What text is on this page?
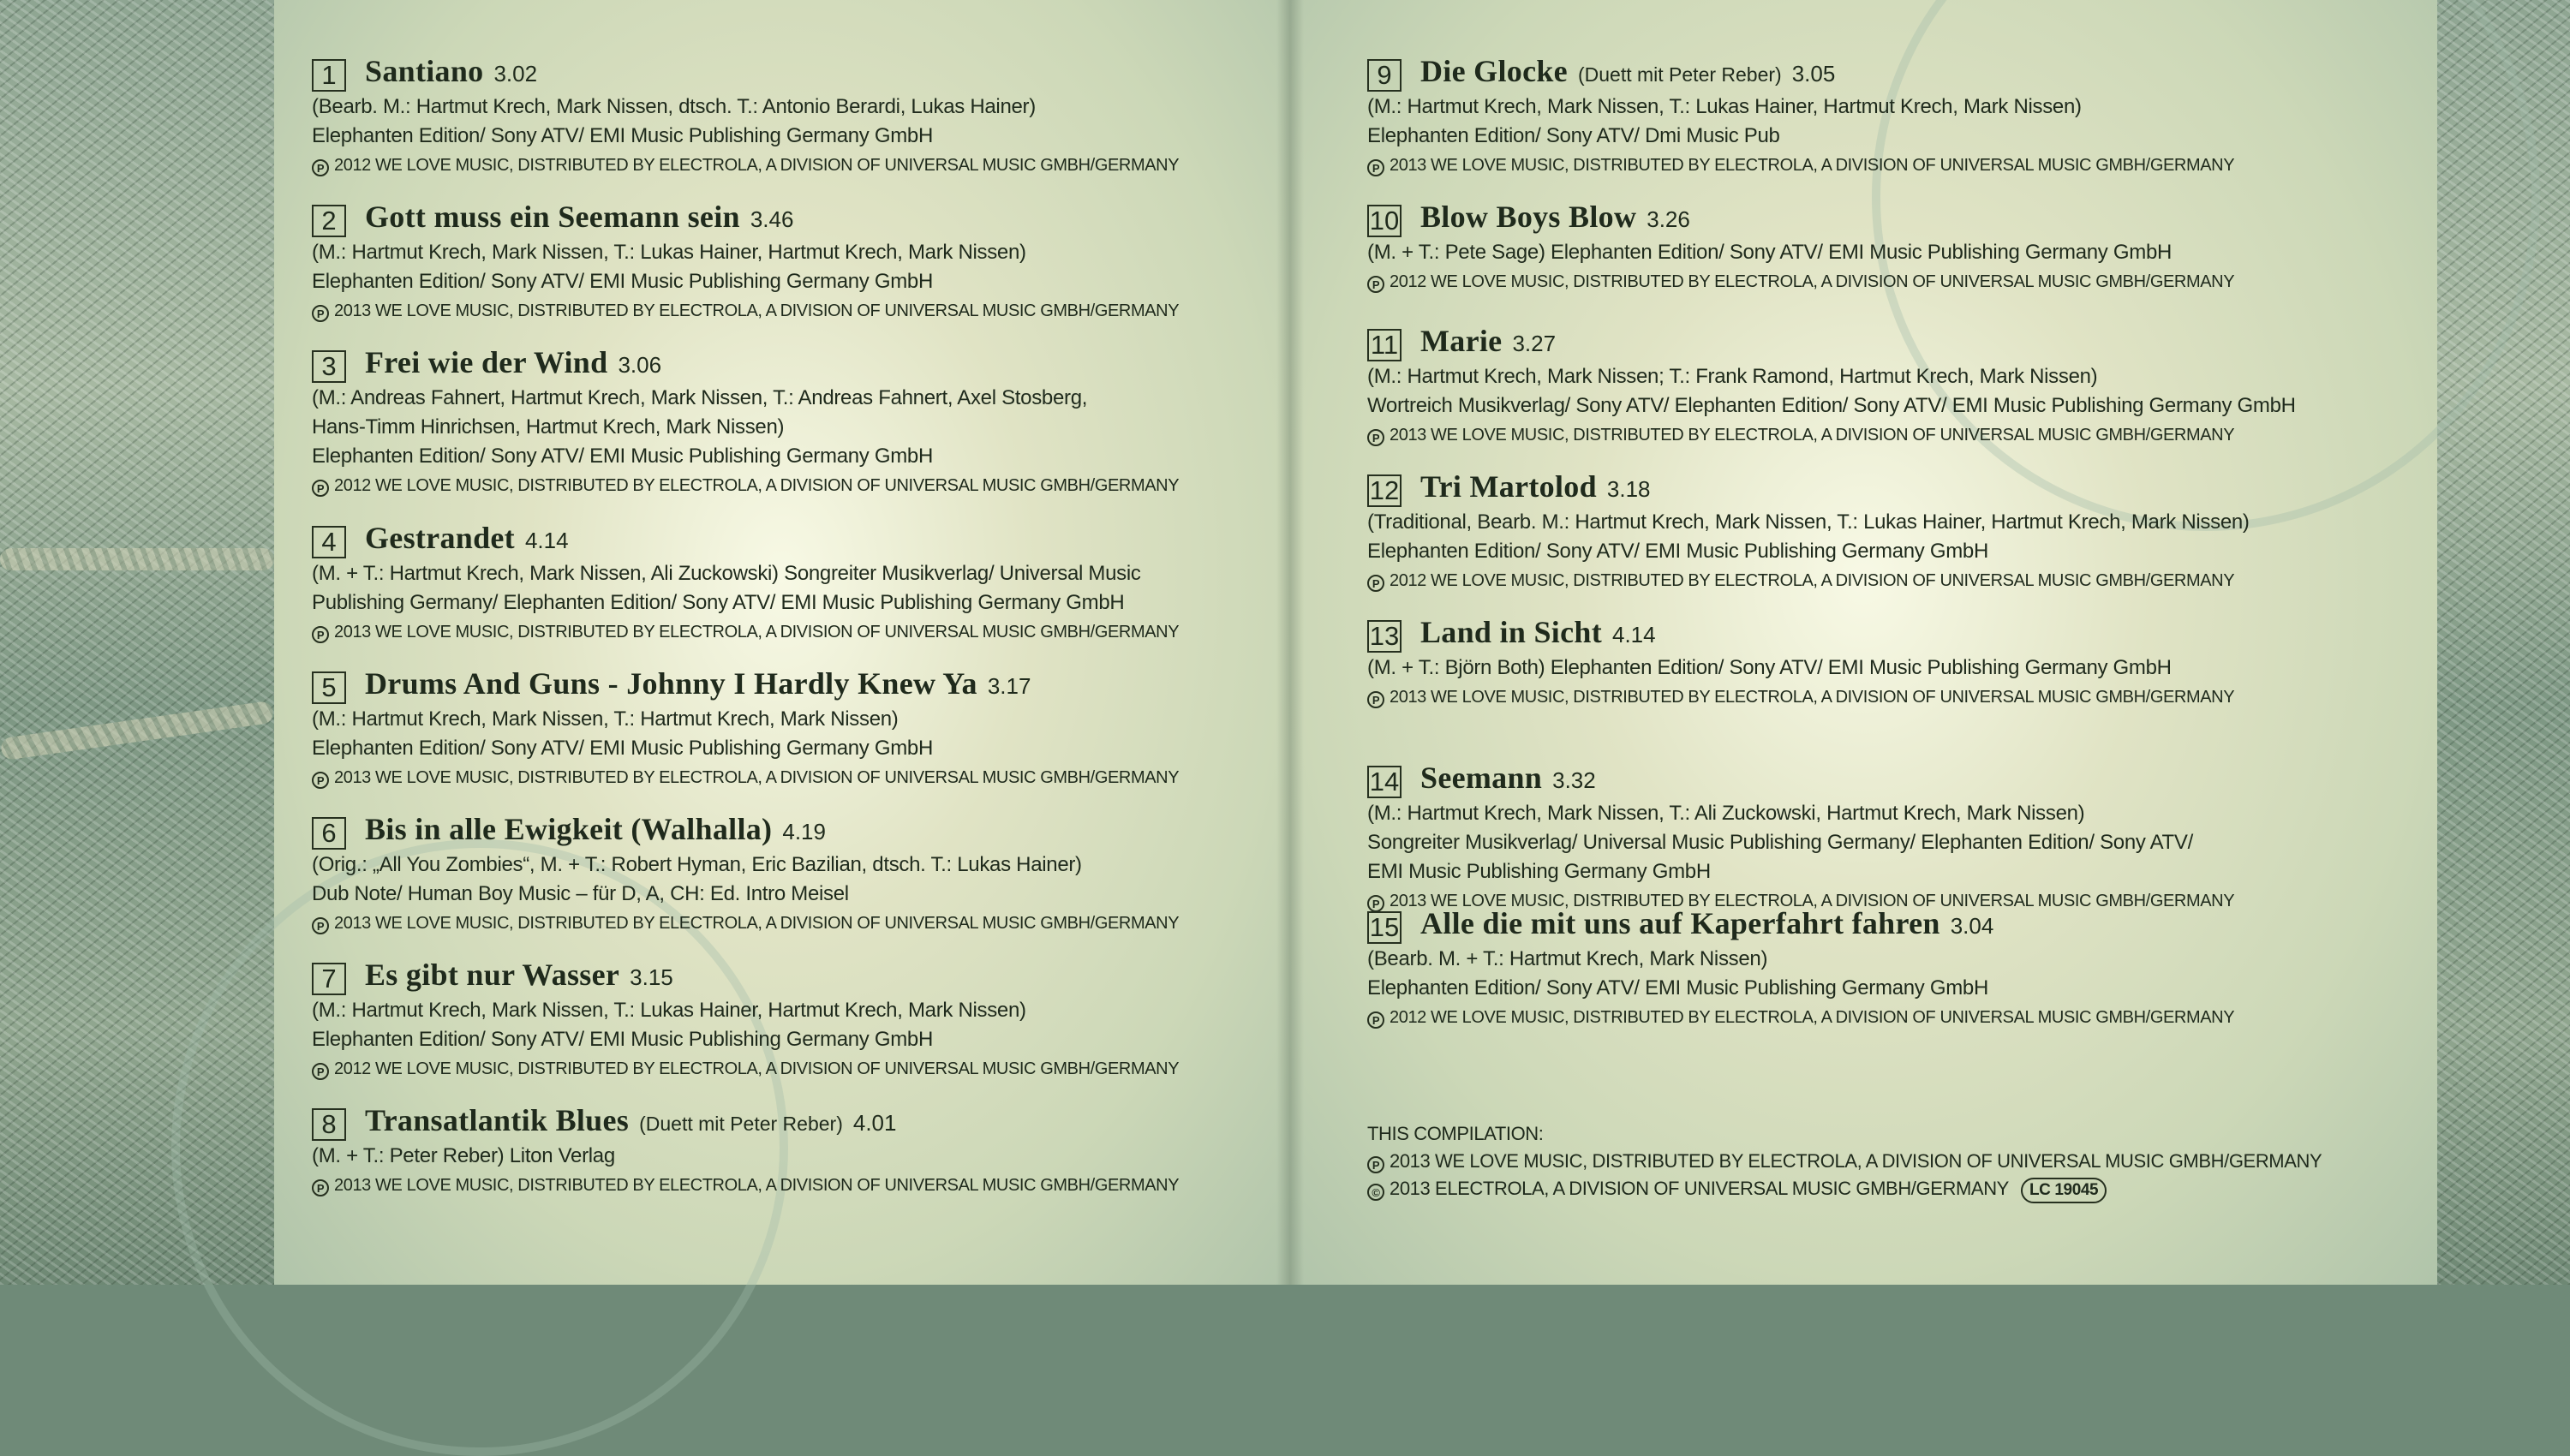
1 Santiano 3.02
(Bearb. M.: Hartmut Krech, Mark Nissen, dtsch. T.: Antonio Berardi, Lukas Hainer)
Elephanten Edition/ Sony ATV/ EMI Music Publishing Germany GmbH
P 2012 WE LOVE MUSIC, DISTRIBUTED BY ELECTROLA, A DIVISION OF UNIVERSAL MUSIC GMBH/GERMANY
2 Gott muss ein Seemann sein 3.46
(M.: Hartmut Krech, Mark Nissen, T.: Lukas Hainer, Hartmut Krech, Mark Nissen)
Elephanten Edition/ Sony ATV/ EMI Music Publishing Germany GmbH
P 2013 WE LOVE MUSIC, DISTRIBUTED BY ELECTROLA, A DIVISION OF UNIVERSAL MUSIC GMBH/GERMANY
3 Frei wie der Wind 3.06
(M.: Andreas Fahnert, Hartmut Krech, Mark Nissen, T.: Andreas Fahnert, Axel Stosberg,
Hans-Timm Hinrichsen, Hartmut Krech, Mark Nissen)
Elephanten Edition/ Sony ATV/ EMI Music Publishing Germany GmbH
P 2012 WE LOVE MUSIC, DISTRIBUTED BY ELECTROLA, A DIVISION OF UNIVERSAL MUSIC GMBH/GERMANY
4 Gestrandet 4.14
(M. + T.: Hartmut Krech, Mark Nissen, Ali Zuckowski) Songreiter Musikverlag/ Universal Music
Publishing Germany/ Elephanten Edition/ Sony ATV/ EMI Music Publishing Germany GmbH
P 2013 WE LOVE MUSIC, DISTRIBUTED BY ELECTROLA, A DIVISION OF UNIVERSAL MUSIC GMBH/GERMANY
5 Drums And Guns - Johnny I Hardly Knew Ya 3.17
(M.: Hartmut Krech, Mark Nissen, T.: Hartmut Krech, Mark Nissen)
Elephanten Edition/ Sony ATV/ EMI Music Publishing Germany GmbH
P 2013 WE LOVE MUSIC, DISTRIBUTED BY ELECTROLA, A DIVISION OF UNIVERSAL MUSIC GMBH/GERMANY
6 Bis in alle Ewigkeit (Walhalla) 4.19
(Orig.: „All You Zombies“, M. + T.: Robert Hyman, Eric Bazilian, dtsch. T.: Lukas Hainer)
Dub Note/ Human Boy Music – für D, A, CH: Ed. Intro Meisel
P 2013 WE LOVE MUSIC, DISTRIBUTED BY ELECTROLA, A DIVISION OF UNIVERSAL MUSIC GMBH/GERMANY
7 Es gibt nur Wasser 3.15
(M.: Hartmut Krech, Mark Nissen, T.: Lukas Hainer, Hartmut Krech, Mark Nissen)
Elephanten Edition/ Sony ATV/ EMI Music Publishing Germany GmbH
P 2012 WE LOVE MUSIC, DISTRIBUTED BY ELECTROLA, A DIVISION OF UNIVERSAL MUSIC GMBH/GERMANY
8 Transatlantik Blues (Duett mit Peter Reber) 4.01
(M. + T.: Peter Reber) Liton Verlag
P 2013 WE LOVE MUSIC, DISTRIBUTED BY ELECTROLA, A DIVISION OF UNIVERSAL MUSIC GMBH/GERMANY
9 Die Glocke (Duett mit Peter Reber) 3.05
(M.: Hartmut Krech, Mark Nissen, T.: Lukas Hainer, Hartmut Krech, Mark Nissen)
Elephanten Edition/ Sony ATV/ Dmi Music Pub
P 2013 WE LOVE MUSIC, DISTRIBUTED BY ELECTROLA, A DIVISION OF UNIVERSAL MUSIC GMBH/GERMANY
10 Blow Boys Blow 3.26
(M. + T.: Pete Sage) Elephanten Edition/ Sony ATV/ EMI Music Publishing Germany GmbH
P 2012 WE LOVE MUSIC, DISTRIBUTED BY ELECTROLA, A DIVISION OF UNIVERSAL MUSIC GMBH/GERMANY
11 Marie 3.27
(M.: Hartmut Krech, Mark Nissen; T.: Frank Ramond, Hartmut Krech, Mark Nissen)
Wortreich Musikverlag/ Sony ATV/ Elephanten Edition/ Sony ATV/ EMI Music Publishing Germany GmbH
P 2013 WE LOVE MUSIC, DISTRIBUTED BY ELECTROLA, A DIVISION OF UNIVERSAL MUSIC GMBH/GERMANY
12 Tri Martolod 3.18
(Traditional, Bearb. M.: Hartmut Krech, Mark Nissen, T.: Lukas Hainer, Hartmut Krech, Mark Nissen)
Elephanten Edition/ Sony ATV/ EMI Music Publishing Germany GmbH
P 2012 WE LOVE MUSIC, DISTRIBUTED BY ELECTROLA, A DIVISION OF UNIVERSAL MUSIC GMBH/GERMANY
13 Land in Sicht 4.14
(M. + T.: Björn Both) Elephanten Edition/ Sony ATV/ EMI Music Publishing Germany GmbH
P 2013 WE LOVE MUSIC, DISTRIBUTED BY ELECTROLA, A DIVISION OF UNIVERSAL MUSIC GMBH/GERMANY
14 Seemann 3.32
(M.: Hartmut Krech, Mark Nissen, T.: Ali Zuckowski, Hartmut Krech, Mark Nissen)
Songreiter Musikverlag/ Universal Music Publishing Germany/ Elephanten Edition/ Sony ATV/
EMI Music Publishing Germany GmbH
P 2013 WE LOVE MUSIC, DISTRIBUTED BY ELECTROLA, A DIVISION OF UNIVERSAL MUSIC GMBH/GERMANY
15 Alle die mit uns auf Kaperfahrt fahren 3.04
(Bearb. M. + T.: Hartmut Krech, Mark Nissen)
Elephanten Edition/ Sony ATV/ EMI Music Publishing Germany GmbH
P 2012 WE LOVE MUSIC, DISTRIBUTED BY ELECTROLA, A DIVISION OF UNIVERSAL MUSIC GMBH/GERMANY
THIS COMPILATION:
P 2013 WE LOVE MUSIC, DISTRIBUTED BY ELECTROLA, A DIVISION OF UNIVERSAL MUSIC GMBH/GERMANY
© 2013 ELECTROLA, A DIVISION OF UNIVERSAL MUSIC GMBH/GERMANY LC 19045
